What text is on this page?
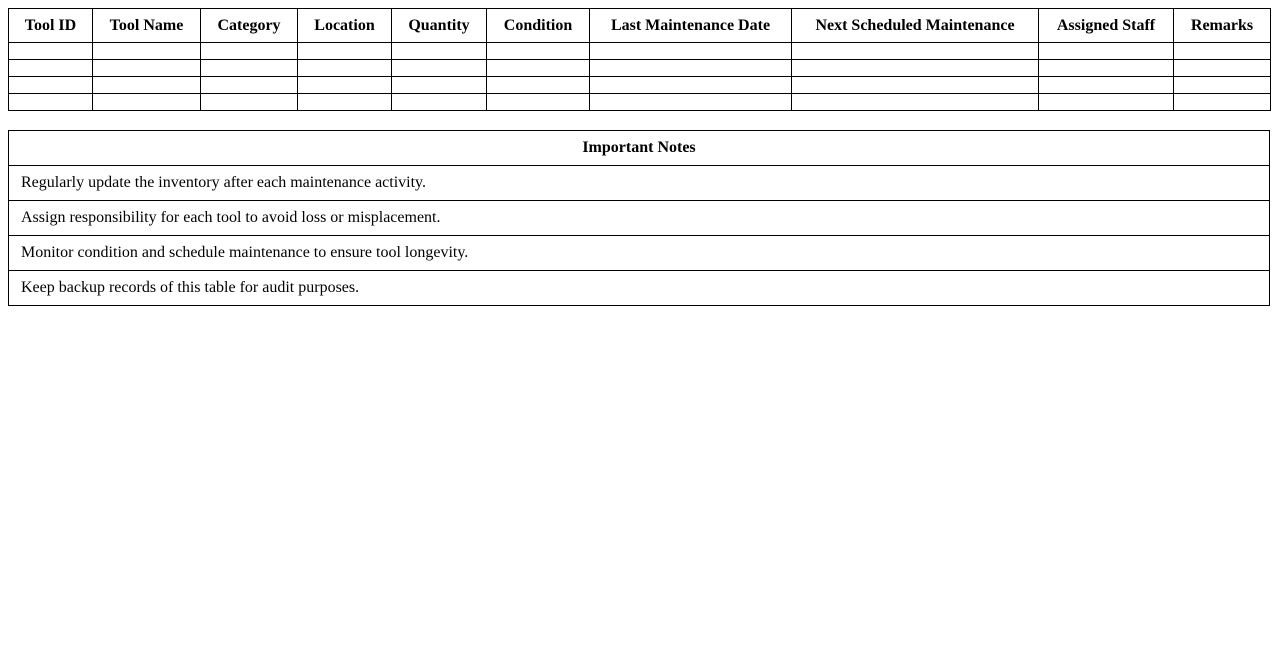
Tool ID	Tool Name	Category	Location	Quantity	Condition	Last Maintenance Date	Next Scheduled Maintenance	Assigned Staff	Remarks

Important Notes
Regularly update the inventory after each maintenance activity.
Assign responsibility for each tool to avoid loss or misplacement.
Monitor condition and schedule maintenance to ensure tool longevity.
Keep backup records of this table for audit purposes.
